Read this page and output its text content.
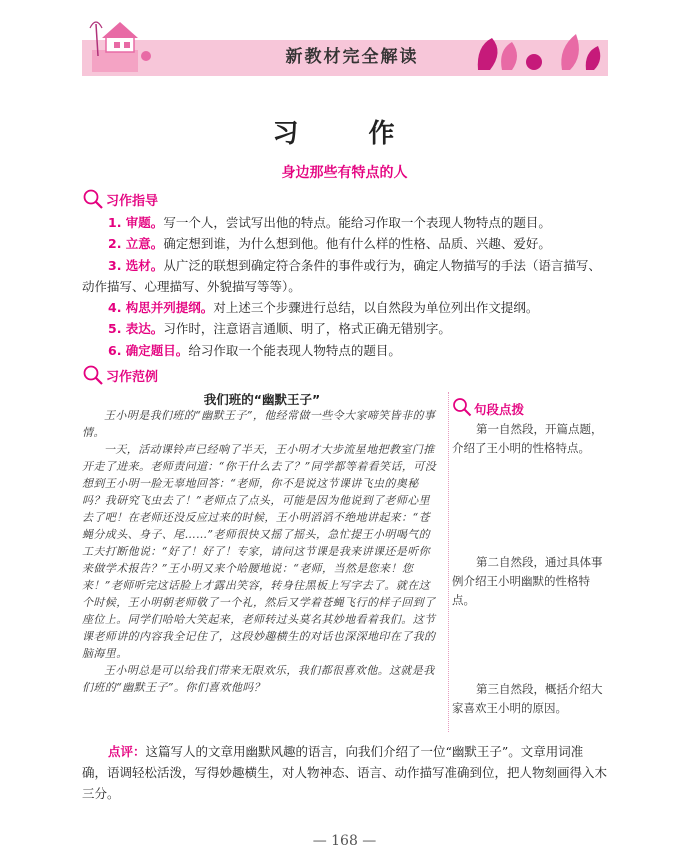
新教材完全解读
习　作
身边那些有特点的人
习作指导

1. 审题。写一个人，尝试写出他的特点。能给习作取一个表现人物特点的题目。

2. 立意。确定想到谁，为什么想到他。他有什么样的性格、品质、兴趣、爱好。

3. 选材。从广泛的联想到确定符合条件的事件或行为，确定人物描写的手法（语言描写、动作描写、心理描写、外貌描写等等）。

4. 构思并列提纲。对上述三个步骤进行总结，以自然段为单位列出作文提纲。

5. 表达。习作时，注意语言通顺、明了，格式正确无错别字。

6. 确定题目。给习作取一个能表现人物特点的题目。

习作范例
我们班的“幽默王子”

王小明是我们班的“幽默王子”，他经常做一些令大家啼笑皆非的事情。

一天，活动课铃声已经响了半天，王小明才大步流星地把教室门推开走了进来。老师责问道：“你干什么去了？”同学都等着看笑话，可没想到王小明一脸无辜地回答：“老师，你不是说这节课讲飞虫的奥秘吗？我研究飞虫去了！”老师点了点头，可能是因为他说到了老师心里去了吧！在老师还没反应过来的时候，王小明滔滔不绝地讲起来：“苍蝇分成头、身子、尾……”老师很快又摇了摇头，急忙提王小明喝气的工夫打断他说：“好了！好了！专家，请问这节课是我来讲课还是听你来做学术报告？”王小明又来个哈腰地说：“老师，当然是您来！您来！”老师听完这话脸上才露出笑容，转身往黑板上写字去了。就在这个时候，王小明朝老师敬了一个礼，然后又学着苍蝇飞行的样子回到了座位上。同学们哈哈大笑起来，老师转过头莫名其妙地看着我们。这节课老师讲的内容我全记住了，这段妙趣横生的对话也深深地印在了我的脑海里。

王小明总是可以给我们带来无限欢乐，我们都很喜欢他。这就是我们班的“幽默王子”。你们喜欢他吗？

句段点拨
第一自然段，开篇点题，介绍了王小明的性格特点。
第二自然段，通过具体事例介绍王小明幽默的性格特点。
第三自然段，概括介绍大家喜欢王小明的原因。
点评：这篇写人的文章用幽默风趣的语言，向我们介绍了一位“幽默王子”。文章用词准确，语调轻松活泼，写得妙趣横生，对人物神态、语言、动作描写准确到位，把人物刻画得入木三分。
— 168 —
